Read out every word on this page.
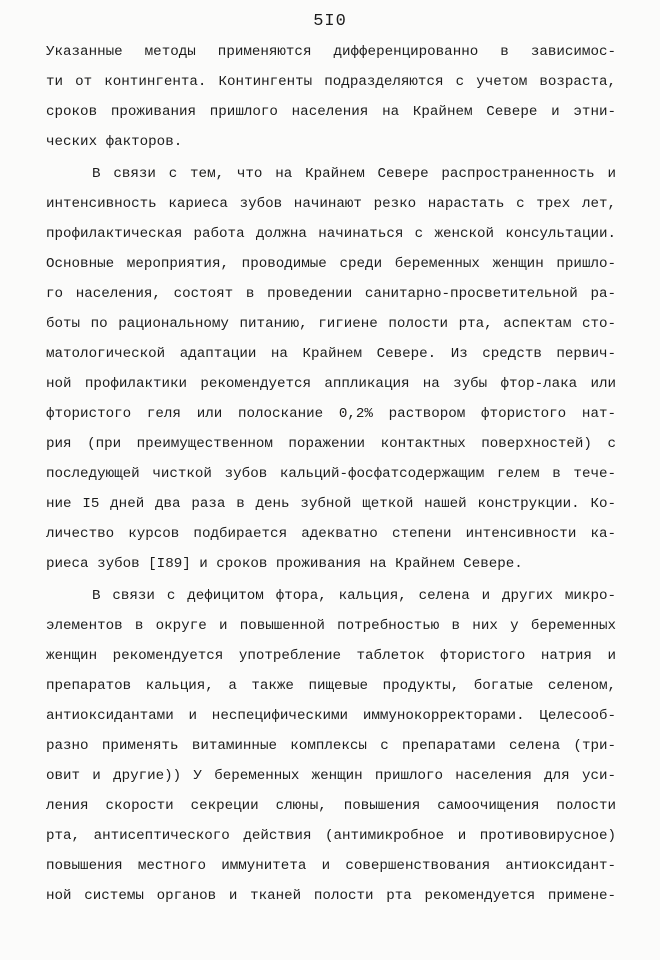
5I0
Указанные методы применяются дифференцированно в зависимос-
ти от контингента. Контингенты подразделяются с учетом возраста,
сроков проживания пришлого населения на Крайнем Севере и этни-
ческих факторов.
В связи с тем, что на Крайнем Севере распространенность и
интенсивность кариеса зубов начинают резко нарастать с трех лет,
профилактическая работа должна начинаться с женской консультации.
Основные мероприятия, проводимые среди беременных женщин пришло-
го населения, состоят в проведении санитарно-просветительной ра-
боты по рациональному питанию, гигиене полости рта, аспектам сто-
матологической адаптации на Крайнем Севере. Из средств первич-
ной профилактики рекомендуется аппликация на зубы фтор-лака или
фтористого геля или полоскание 0,2% раствором фтористого нат-
рия (при преимущественном поражении контактных поверхностей) с
последующей чисткой зубов кальций-фосфатсодержащим гелем в тече-
ние I5 дней два раза в день зубной щеткой нашей конструкции. Ко-
личество курсов подбирается адекватно степени интенсивности ка-
риеса зубов [I89] и сроков проживания на Крайнем Севере.
В связи с дефицитом фтора, кальция, селена и других микро-
элементов в округе и повышенной потребностью в них у беременных
женщин рекомендуется употребление таблеток фтористого натрия и
препаратов кальция, а также пищевые продукты, богатые селеном,
антиоксидантами и неспецифическими иммунокорректорами. Целесооб-
разно применять витаминные комплексы с препаратами селена (три-
овит и другие)) У беременных женщин пришлого населения для уси-
ления скорости секреции слюны, повышения самоочищения полости
рта, антисептического действия (антимикробное и противовирусное)
повышения местного иммунитета и совершенствования антиоксидант-
ной системы органов и тканей полости рта рекомендуется примене-
